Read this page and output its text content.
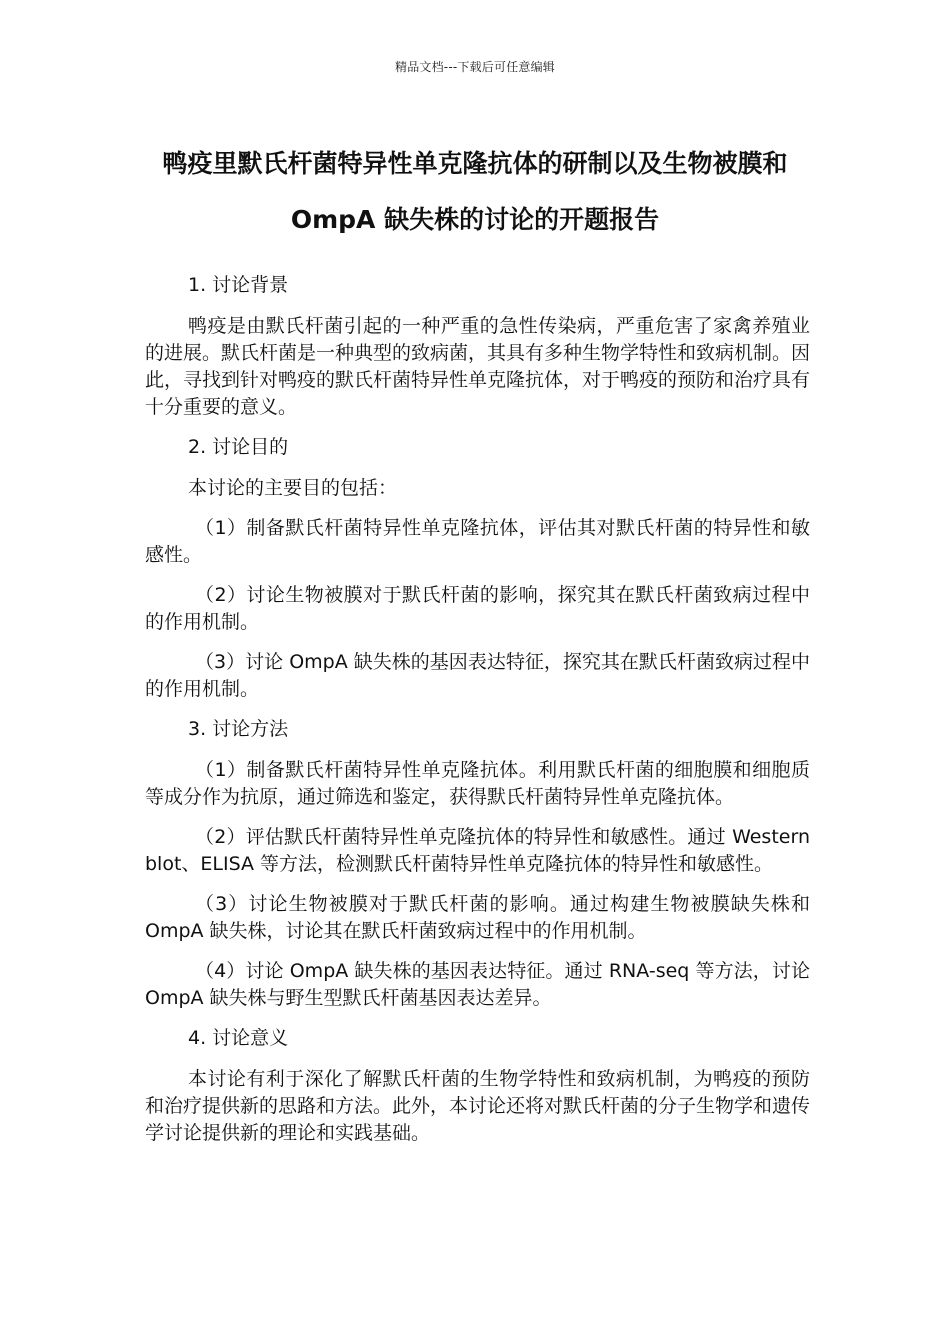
精品文档---下载后可任意编辑
鸭疫里默氏杆菌特异性单克隆抗体的研制以及生物被膜和 OmpA 缺失株的讨论的开题报告

1. 讨论背景

鸭疫是由默氏杆菌引起的一种严重的急性传染病，严重危害了家禽养殖业的进展。默氏杆菌是一种典型的致病菌，其具有多种生物学特性和致病机制。因此，寻找到针对鸭疫的默氏杆菌特异性单克隆抗体，对于鸭疫的预防和治疗具有十分重要的意义。

2. 讨论目的

本讨论的主要目的包括：

（1）制备默氏杆菌特异性单克隆抗体，评估其对默氏杆菌的特异性和敏感性。

（2）讨论生物被膜对于默氏杆菌的影响，探究其在默氏杆菌致病过程中的作用机制。

（3）讨论 OmpA 缺失株的基因表达特征，探究其在默氏杆菌致病过程中的作用机制。

3. 讨论方法

（1）制备默氏杆菌特异性单克隆抗体。利用默氏杆菌的细胞膜和细胞质等成分作为抗原，通过筛选和鉴定，获得默氏杆菌特异性单克隆抗体。

（2）评估默氏杆菌特异性单克隆抗体的特异性和敏感性。通过 Western blot、ELISA 等方法，检测默氏杆菌特异性单克隆抗体的特异性和敏感性。

（3）讨论生物被膜对于默氏杆菌的影响。通过构建生物被膜缺失株和 OmpA 缺失株，讨论其在默氏杆菌致病过程中的作用机制。

（4）讨论 OmpA 缺失株的基因表达特征。通过 RNA-seq 等方法，讨论 OmpA 缺失株与野生型默氏杆菌基因表达差异。

4. 讨论意义

本讨论有利于深化了解默氏杆菌的生物学特性和致病机制，为鸭疫的预防和治疗提供新的思路和方法。此外，本讨论还将对默氏杆菌的分子生物学和遗传学讨论提供新的理论和实践基础。
